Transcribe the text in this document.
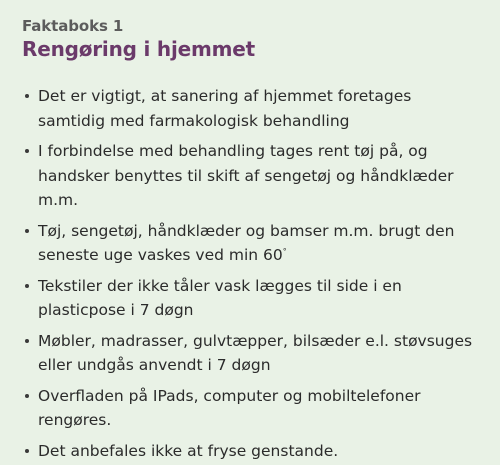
Faktaboks 1

Rengøring i hjemmet
Det er vigtigt, at sanering af hjemmet foretages samtidig med farmakologisk behandling
I forbindelse med behandling tages rent tøj på, og handsker benyttes til skift af sengetøj og håndklæder m.m.
Tøj, sengetøj, håndklæder og bamser m.m. brugt den seneste uge vaskes ved min 60°
Tekstiler der ikke tåler vask lægges til side i en plasticpose i 7 døgn
Møbler, madrasser, gulvtæpper, bilsæder e.l. støvsuges eller undgås anvendt i 7 døgn
Overfladen på IPads, computer og mobiltelefoner rengøres.
Det anbefales ikke at fryse genstande.
